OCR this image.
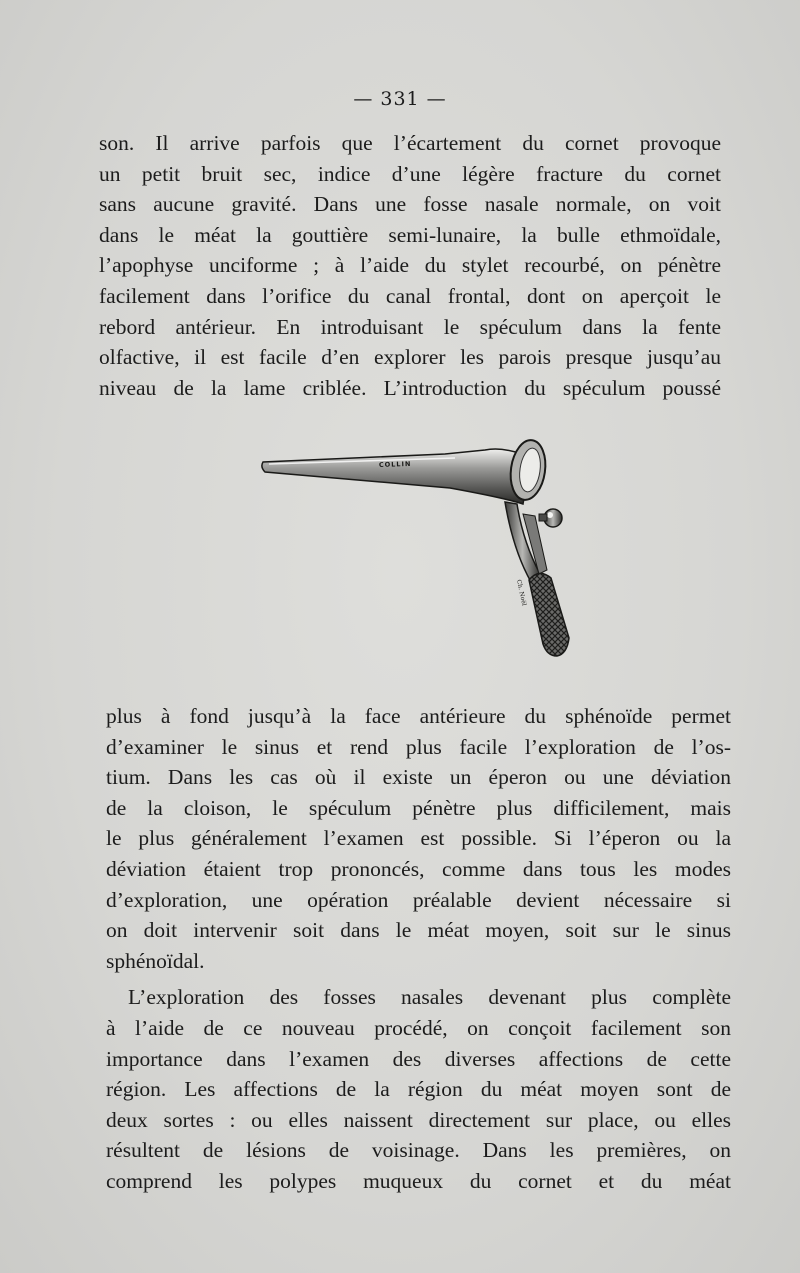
— 331 —
son. Il arrive parfois que l’écartement du cornet provoque
un petit bruit sec, indice d’une légère fracture du cornet
sans aucune gravité. Dans une fosse nasale normale, on voit
dans le méat la gouttière semi-lunaire, la bulle ethmoïdale,
l’apophyse unciforme ; à l’aide du stylet recourbé, on pénètre
facilement dans l’orifice du canal frontal, dont on aperçoit le
rebord antérieur. En introduisant le spéculum dans la fente
olfactive, il est facile d’en explorer les parois presque jusqu’au
niveau de la lame criblée. L’introduction du spéculum poussé
COLLIN
Ch. Noël
plus à fond jusqu’à la face antérieure du sphénoïde permet
d’examiner le sinus et rend plus facile l’exploration de l’os-
tium. Dans les cas où il existe un éperon ou une déviation
de la cloison, le spéculum pénètre plus difficilement, mais
le plus généralement l’examen est possible. Si l’éperon ou la
déviation étaient trop prononcés, comme dans tous les modes
d’exploration, une opération préalable devient nécessaire si
on doit intervenir soit dans le méat moyen, soit sur le sinus
sphénoïdal.
L’exploration des fosses nasales devenant plus complète
à l’aide de ce nouveau procédé, on conçoit facilement son
importance dans l’examen des diverses affections de cette
région. Les affections de la région du méat moyen sont de
deux sortes : ou elles naissent directement sur place, ou elles
résultent de lésions de voisinage. Dans les premières, on
comprend les polypes muqueux du cornet et du méat
